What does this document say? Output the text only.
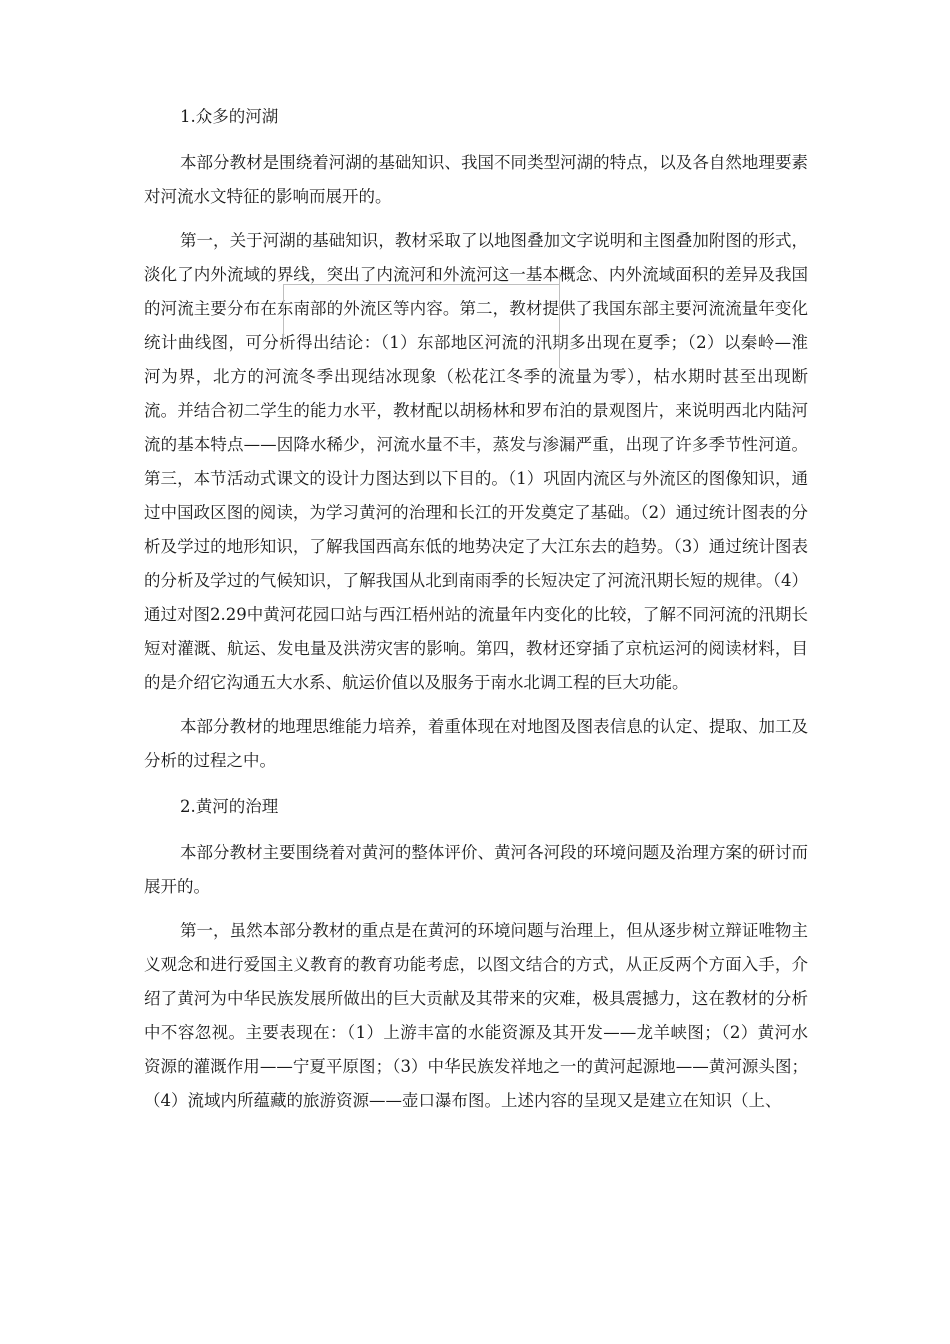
1.众多的河湖

本部分教材是围绕着河湖的基础知识、我国不同类型河湖的特点，以及各自然地理要素对河流水文特征的影响而展开的。

第一，关于河湖的基础知识，教材采取了以地图叠加文字说明和主图叠加附图的形式，淡化了内外流域的界线，突出了内流河和外流河这一基本概念、内外流域面积的差异及我国的河流主要分布在东南部的外流区等内容。第二，教材提供了我国东部主要河流流量年变化统计曲线图，可分析得出结论：（1）东部地区河流的汛期多出现在夏季；（2）以秦岭—淮河为界，北方的河流冬季出现结冰现象（松花江冬季的流量为零），枯水期时甚至出现断流。并结合初二学生的能力水平，教材配以胡杨林和罗布泊的景观图片，来说明西北内陆河流的基本特点——因降水稀少，河流水量不丰，蒸发与渗漏严重，出现了许多季节性河道。第三，本节活动式课文的设计力图达到以下目的。（1）巩固内流区与外流区的图像知识，通过中国政区图的阅读，为学习黄河的治理和长江的开发奠定了基础。（2）通过统计图表的分析及学过的地形知识，了解我国西高东低的地势决定了大江东去的趋势。（3）通过统计图表的分析及学过的气候知识，了解我国从北到南雨季的长短决定了河流汛期长短的规律。（4）通过对图2.29中黄河花园口站与西江梧州站的流量年内变化的比较，了解不同河流的汛期长短对灌溉、航运、发电量及洪涝灾害的影响。第四，教材还穿插了京杭运河的阅读材料，目的是介绍它沟通五大水系、航运价值以及服务于南水北调工程的巨大功能。

本部分教材的地理思维能力培养，着重体现在对地图及图表信息的认定、提取、加工及分析的过程之中。

2.黄河的治理

本部分教材主要围绕着对黄河的整体评价、黄河各河段的环境问题及治理方案的研讨而展开的。

第一，虽然本部分教材的重点是在黄河的环境问题与治理上，但从逐步树立辩证唯物主义观念和进行爱国主义教育的教育功能考虑，以图文结合的方式，从正反两个方面入手，介绍了黄河为中华民族发展所做出的巨大贡献及其带来的灾难，极具震撼力，这在教材的分析中不容忽视。主要表现在：（1）上游丰富的水能资源及其开发——龙羊峡图；（2）黄河水资源的灌溉作用——宁夏平原图；（3）中华民族发祥地之一的黄河起源地——黄河源头图；（4）流域内所蕴藏的旅游资源——壶口瀑布图。上述内容的呈现又是建立在知识（上、
